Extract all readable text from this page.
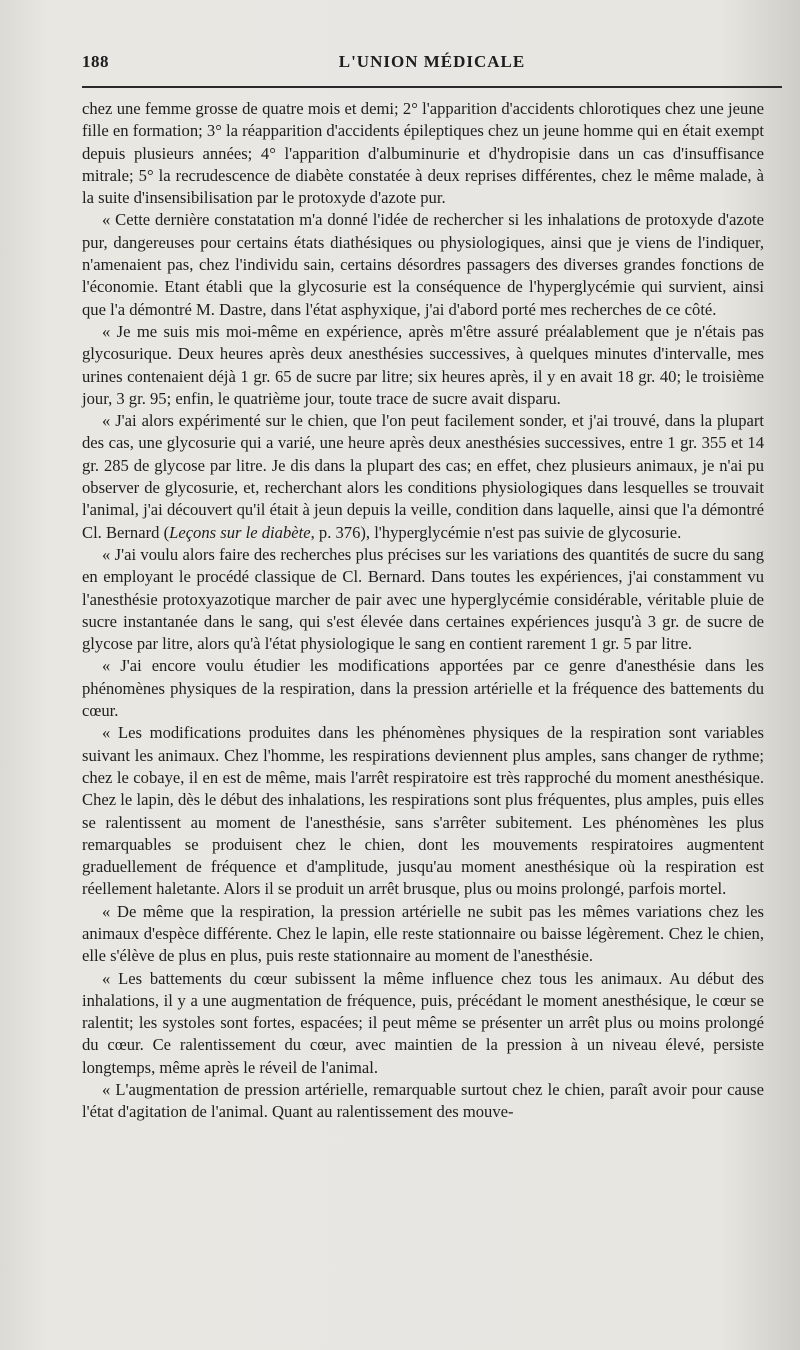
188	L'UNION MÉDICALE

chez une femme grosse de quatre mois et demi; 2° l'apparition d'accidents chlorotiques chez une jeune fille en formation; 3° la réapparition d'accidents épileptiques chez un jeune homme qui en était exempt depuis plusieurs années; 4° l'apparition d'albuminurie et d'hydropisie dans un cas d'insuffisance mitrale; 5° la recrudescence de diabète constatée à deux reprises différentes, chez le même malade, à la suite d'insensibilisation par le protoxyde d'azote pur.

« Cette dernière constatation m'a donné l'idée de rechercher si les inhalations de protoxyde d'azote pur, dangereuses pour certains états diathésiques ou physiologiques, ainsi que je viens de l'indiquer, n'amenaient pas, chez l'individu sain, certains désordres passagers des diverses grandes fonctions de l'économie. Etant établi que la glycosurie est la conséquence de l'hyperglycémie qui survient, ainsi que l'a démontré M. Dastre, dans l'état asphyxique, j'ai d'abord porté mes recherches de ce côté.

« Je me suis mis moi-même en expérience, après m'être assuré préalablement que je n'étais pas glycosurique. Deux heures après deux anesthésies successives, à quelques minutes d'intervalle, mes urines contenaient déjà 1 gr. 65 de sucre par litre; six heures après, il y en avait 18 gr. 40; le troisième jour, 3 gr. 95; enfin, le quatrième jour, toute trace de sucre avait disparu.

« J'ai alors expérimenté sur le chien, que l'on peut facilement sonder, et j'ai trouvé, dans la plupart des cas, une glycosurie qui a varié, une heure après deux anesthésies successives, entre 1 gr. 355 et 14 gr. 285 de glycose par litre. Je dis dans la plupart des cas; en effet, chez plusieurs animaux, je n'ai pu observer de glycosurie, et, recherchant alors les conditions physiologiques dans lesquelles se trouvait l'animal, j'ai découvert qu'il était à jeun depuis la veille, condition dans laquelle, ainsi que l'a démontré Cl. Bernard (Leçons sur le diabète, p. 376), l'hyperglycémie n'est pas suivie de glycosurie.

« J'ai voulu alors faire des recherches plus précises sur les variations des quantités de sucre du sang en employant le procédé classique de Cl. Bernard. Dans toutes les expériences, j'ai constamment vu l'anesthésie protoxyazotique marcher de pair avec une hyperglycémie considérable, véritable pluie de sucre instantanée dans le sang, qui s'est élevée dans certaines expériences jusqu'à 3 gr. de sucre de glycose par litre, alors qu'à l'état physiologique le sang en contient rarement 1 gr. 5 par litre.

« J'ai encore voulu étudier les modifications apportées par ce genre d'anesthésie dans les phénomènes physiques de la respiration, dans la pression artérielle et la fréquence des battements du cœur.

« Les modifications produites dans les phénomènes physiques de la respiration sont variables suivant les animaux. Chez l'homme, les respirations deviennent plus amples, sans changer de rythme; chez le cobaye, il en est de même, mais l'arrêt respiratoire est très rapproché du moment anesthésique. Chez le lapin, dès le début des inhalations, les respirations sont plus fréquentes, plus amples, puis elles se ralentissent au moment de l'anesthésie, sans s'arrêter subitement. Les phénomènes les plus remarquables se produisent chez le chien, dont les mouvements respiratoires augmentent graduellement de fréquence et d'amplitude, jusqu'au moment anesthésique où la respiration est réellement haletante. Alors il se produit un arrêt brusque, plus ou moins prolongé, parfois mortel.

« De même que la respiration, la pression artérielle ne subit pas les mêmes variations chez les animaux d'espèce différente. Chez le lapin, elle reste stationnaire ou baisse légèrement. Chez le chien, elle s'élève de plus en plus, puis reste stationnaire au moment de l'anesthésie.

« Les battements du cœur subissent la même influence chez tous les animaux. Au début des inhalations, il y a une augmentation de fréquence, puis, précédant le moment anesthésique, le cœur se ralentit; les systoles sont fortes, espacées; il peut même se présenter un arrêt plus ou moins prolongé du cœur. Ce ralentissement du cœur, avec maintien de la pression à un niveau élevé, persiste longtemps, même après le réveil de l'animal.

« L'augmentation de pression artérielle, remarquable surtout chez le chien, paraît avoir pour cause l'état d'agitation de l'animal. Quant au ralentissement des mouve-
